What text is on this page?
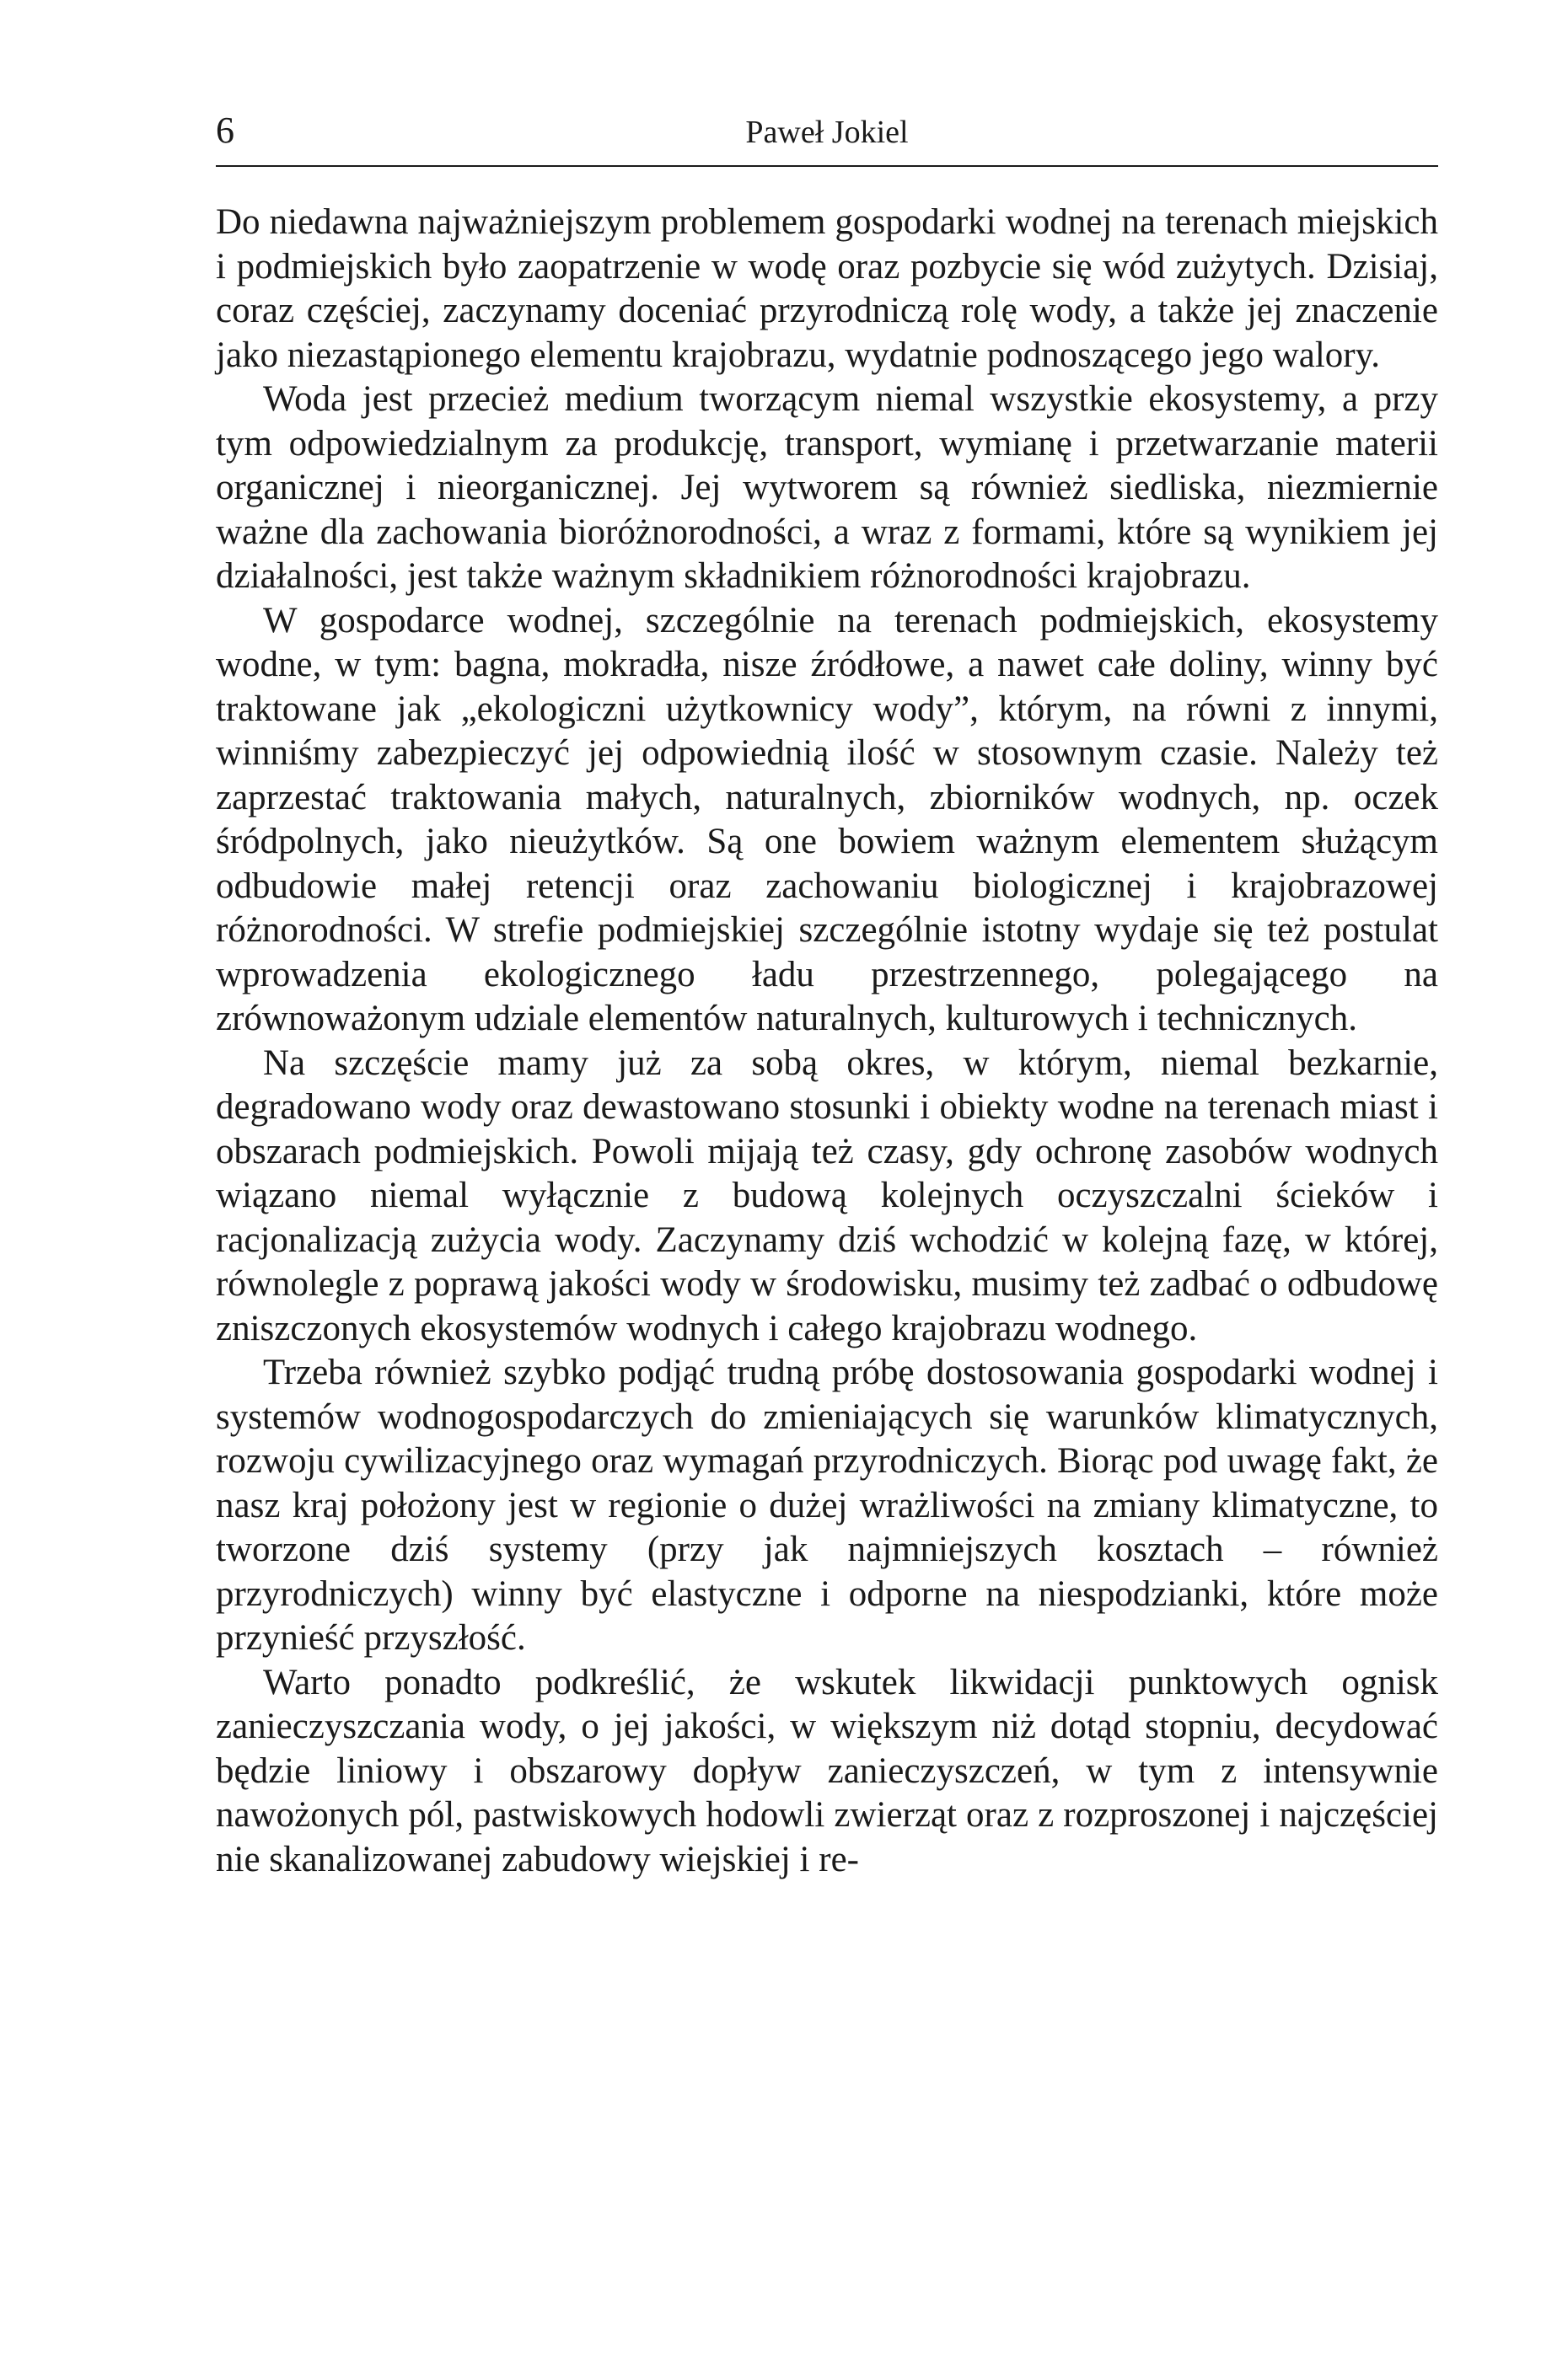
6	Paweł Jokiel

Do niedawna najważniejszym problemem gospodarki wodnej na terenach miejskich i podmiejskich było zaopatrzenie w wodę oraz pozbycie się wód zużytych. Dzisiaj, coraz częściej, zaczynamy doceniać przyrodniczą rolę wody, a także jej znaczenie jako niezastąpionego elementu krajobrazu, wydatnie podnoszącego jego walory.

Woda jest przecież medium tworzącym niemal wszystkie ekosystemy, a przy tym odpowiedzialnym za produkcję, transport, wymianę i przetwarzanie materii organicznej i nieorganicznej. Jej wytworem są również siedliska, niezmiernie ważne dla zachowania bioróżnorodności, a wraz z formami, które są wynikiem jej działalności, jest także ważnym składnikiem różnorodności krajobrazu.

W gospodarce wodnej, szczególnie na terenach podmiejskich, ekosystemy wodne, w tym: bagna, mokradła, nisze źródłowe, a nawet całe doliny, winny być traktowane jak „ekologiczni użytkownicy wody”, którym, na równi z innymi, winniśmy zabezpieczyć jej odpowiednią ilość w stosownym czasie. Należy też zaprzestać traktowania małych, naturalnych, zbiorników wodnych, np. oczek śródpolnych, jako nieużytków. Są one bowiem ważnym elementem służącym odbudowie małej retencji oraz zachowaniu biologicznej i krajobrazowej różnorodności. W strefie podmiejskiej szczególnie istotny wydaje się też postulat wprowadzenia ekologicznego ładu przestrzennego, polegającego na zrównoważonym udziale elementów naturalnych, kulturowych i technicznych.

Na szczęście mamy już za sobą okres, w którym, niemal bezkarnie, degradowano wody oraz dewastowano stosunki i obiekty wodne na terenach miast i obszarach podmiejskich. Powoli mijają też czasy, gdy ochronę zasobów wodnych wiązano niemal wyłącznie z budową kolejnych oczyszczalni ścieków i racjonalizacją zużycia wody. Zaczynamy dziś wchodzić w kolejną fazę, w której, równolegle z poprawą jakości wody w środowisku, musimy też zadbać o odbudowę zniszczonych ekosystemów wodnych i całego krajobrazu wodnego.

Trzeba również szybko podjąć trudną próbę dostosowania gospodarki wodnej i systemów wodnogospodarczych do zmieniających się warunków klimatycznych, rozwoju cywilizacyjnego oraz wymagań przyrodniczych. Biorąc pod uwagę fakt, że nasz kraj położony jest w regionie o dużej wrażliwości na zmiany klimatyczne, to tworzone dziś systemy (przy jak najmniejszych kosztach – również przyrodniczych) winny być elastyczne i odporne na niespodzianki, które może przynieść przyszłość.

Warto ponadto podkreślić, że wskutek likwidacji punktowych ognisk zanieczyszczania wody, o jej jakości, w większym niż dotąd stopniu, decydować będzie liniowy i obszarowy dopływ zanieczyszczeń, w tym z intensywnie nawożonych pól, pastwiskowych hodowli zwierząt oraz z rozproszonej i najczęściej nie skanalizowanej zabudowy wiejskiej i re-
